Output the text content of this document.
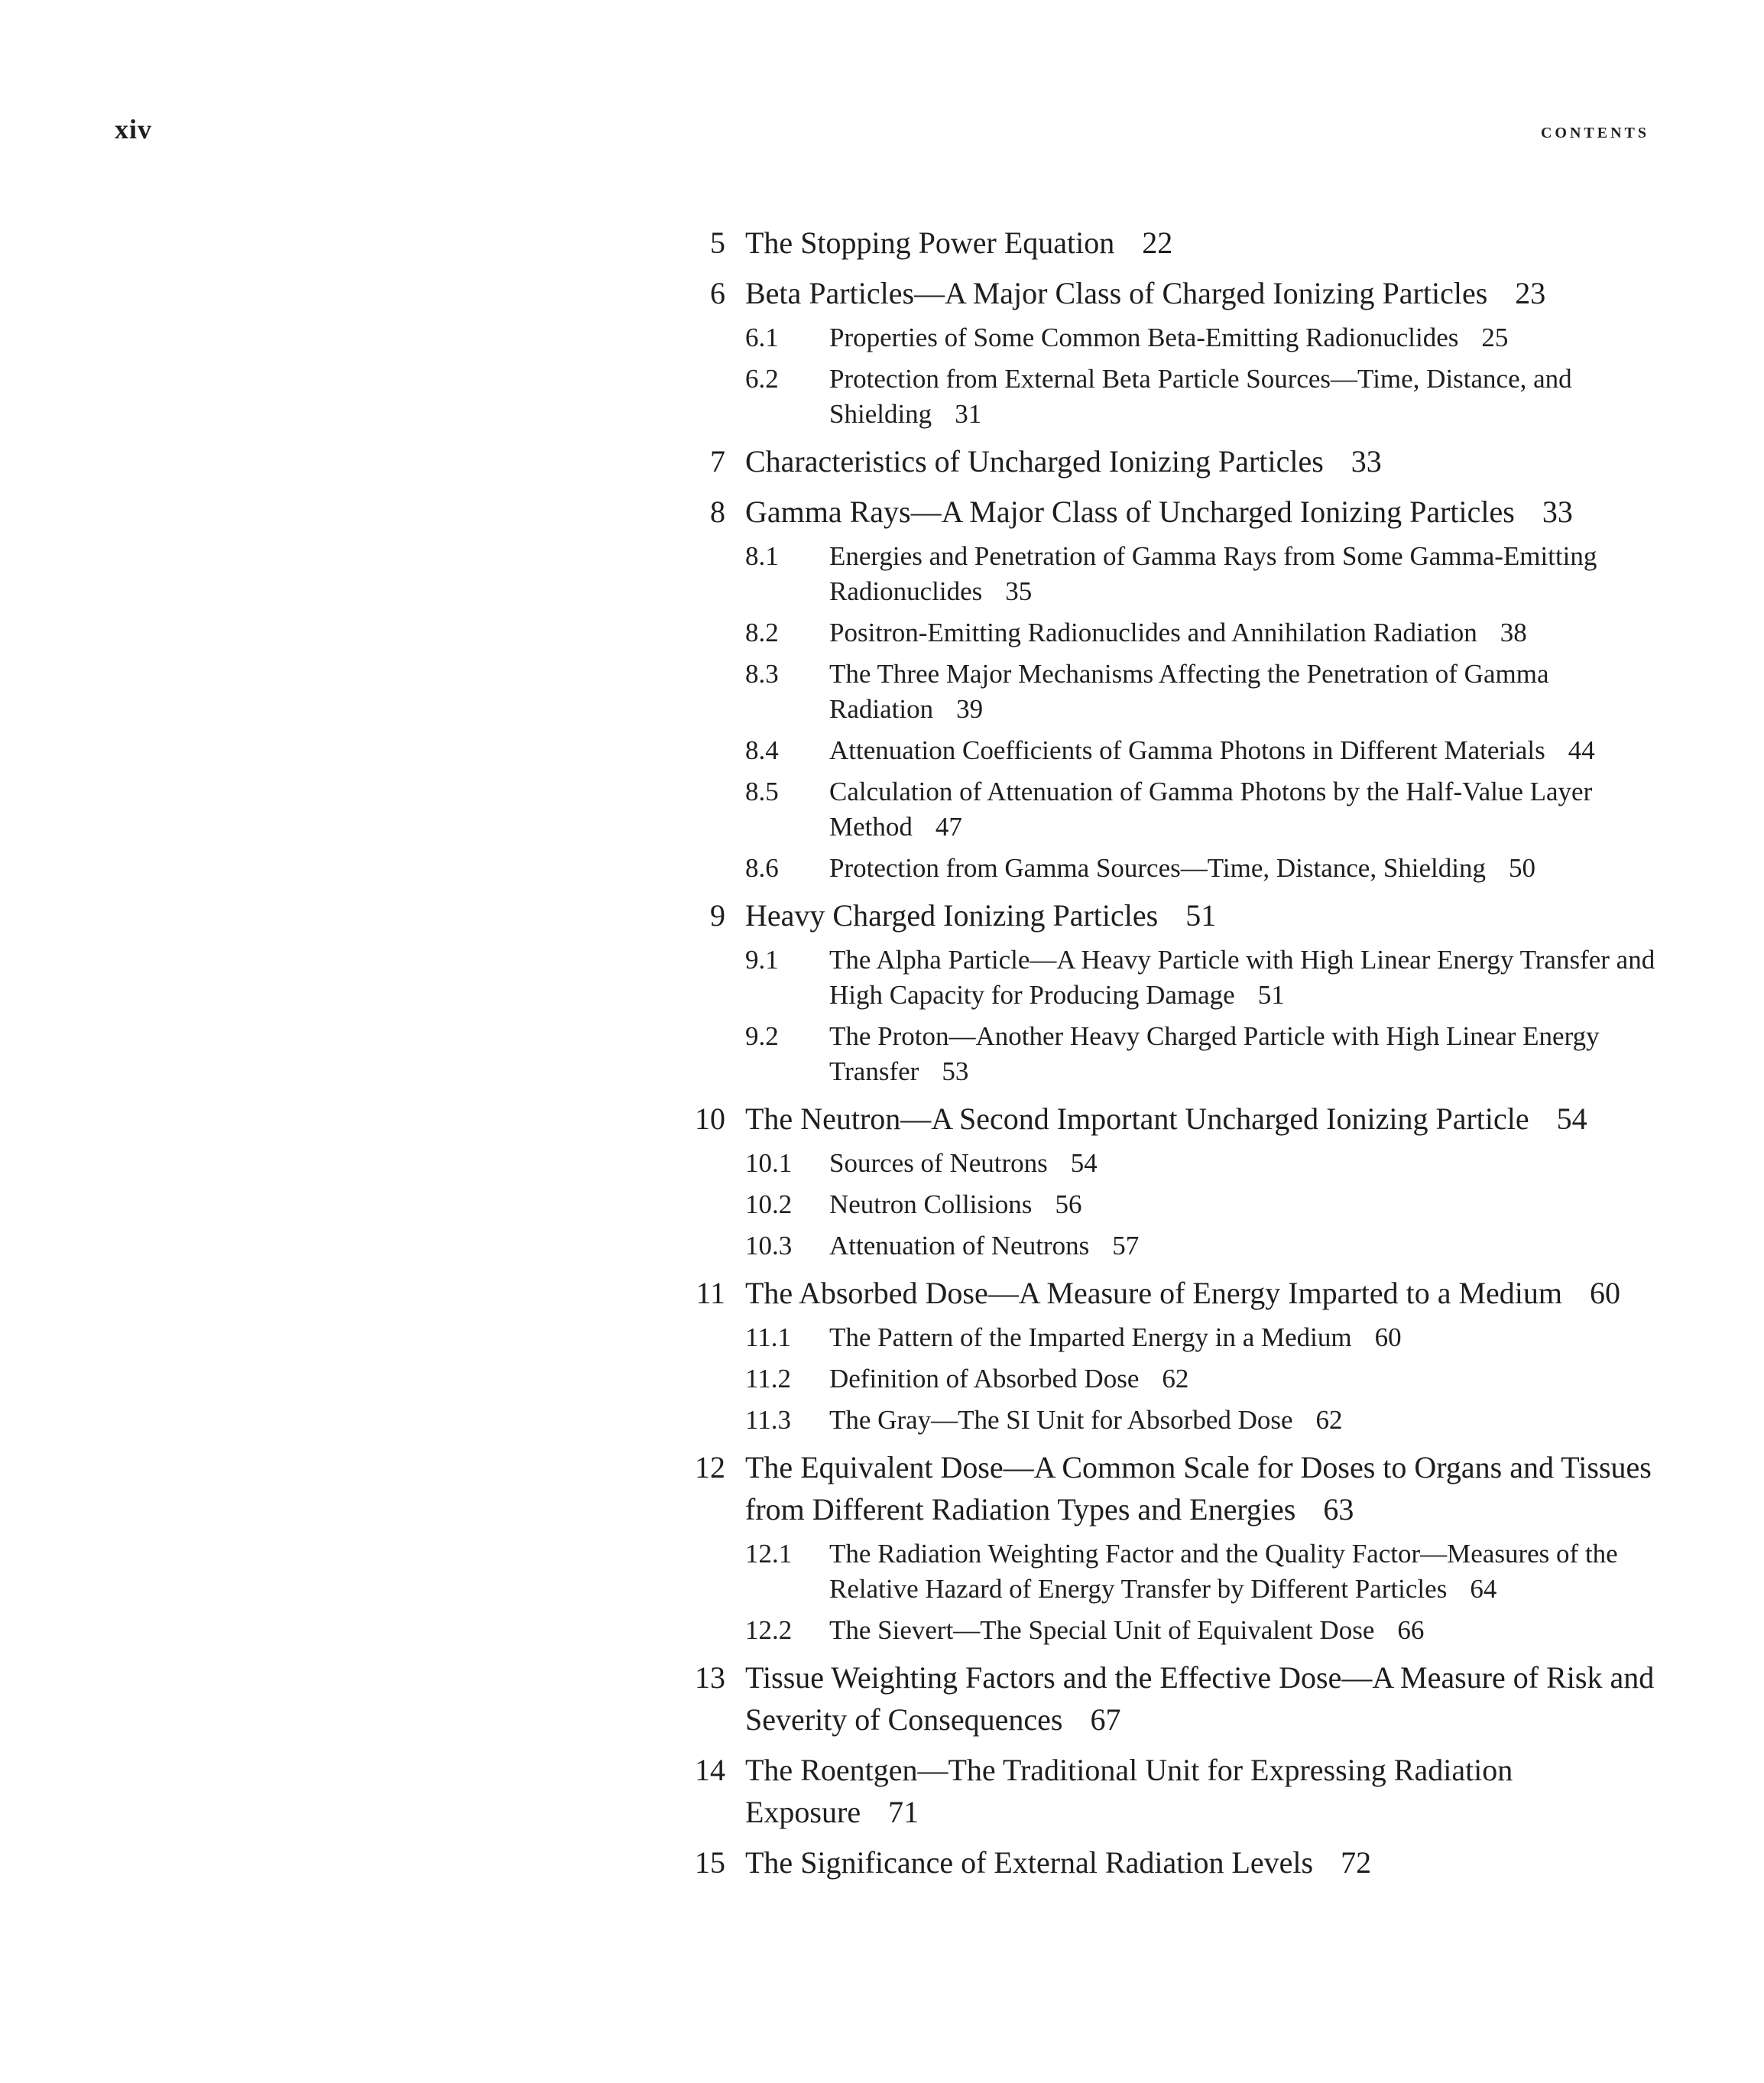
xiv	contents
5 The Stopping Power Equation 22
6 Beta Particles—A Major Class of Charged Ionizing Particles 23
6.1 Properties of Some Common Beta-Emitting Radionuclides 25
6.2 Protection from External Beta Particle Sources—Time, Distance, and Shielding 31
7 Characteristics of Uncharged Ionizing Particles 33
8 Gamma Rays—A Major Class of Uncharged Ionizing Particles 33
8.1 Energies and Penetration of Gamma Rays from Some Gamma-Emitting Radionuclides 35
8.2 Positron-Emitting Radionuclides and Annihilation Radiation 38
8.3 The Three Major Mechanisms Affecting the Penetration of Gamma Radiation 39
8.4 Attenuation Coefficients of Gamma Photons in Different Materials 44
8.5 Calculation of Attenuation of Gamma Photons by the Half-Value Layer Method 47
8.6 Protection from Gamma Sources—Time, Distance, Shielding 50
9 Heavy Charged Ionizing Particles 51
9.1 The Alpha Particle—A Heavy Particle with High Linear Energy Transfer and High Capacity for Producing Damage 51
9.2 The Proton—Another Heavy Charged Particle with High Linear Energy Transfer 53
10 The Neutron—A Second Important Uncharged Ionizing Particle 54
10.1 Sources of Neutrons 54
10.2 Neutron Collisions 56
10.3 Attenuation of Neutrons 57
11 The Absorbed Dose—A Measure of Energy Imparted to a Medium 60
11.1 The Pattern of the Imparted Energy in a Medium 60
11.2 Definition of Absorbed Dose 62
11.3 The Gray—The SI Unit for Absorbed Dose 62
12 The Equivalent Dose—A Common Scale for Doses to Organs and Tissues from Different Radiation Types and Energies 63
12.1 The Radiation Weighting Factor and the Quality Factor—Measures of the Relative Hazard of Energy Transfer by Different Particles 64
12.2 The Sievert—The Special Unit of Equivalent Dose 66
13 Tissue Weighting Factors and the Effective Dose—A Measure of Risk and Severity of Consequences 67
14 The Roentgen—The Traditional Unit for Expressing Radiation Exposure 71
15 The Significance of External Radiation Levels 72
